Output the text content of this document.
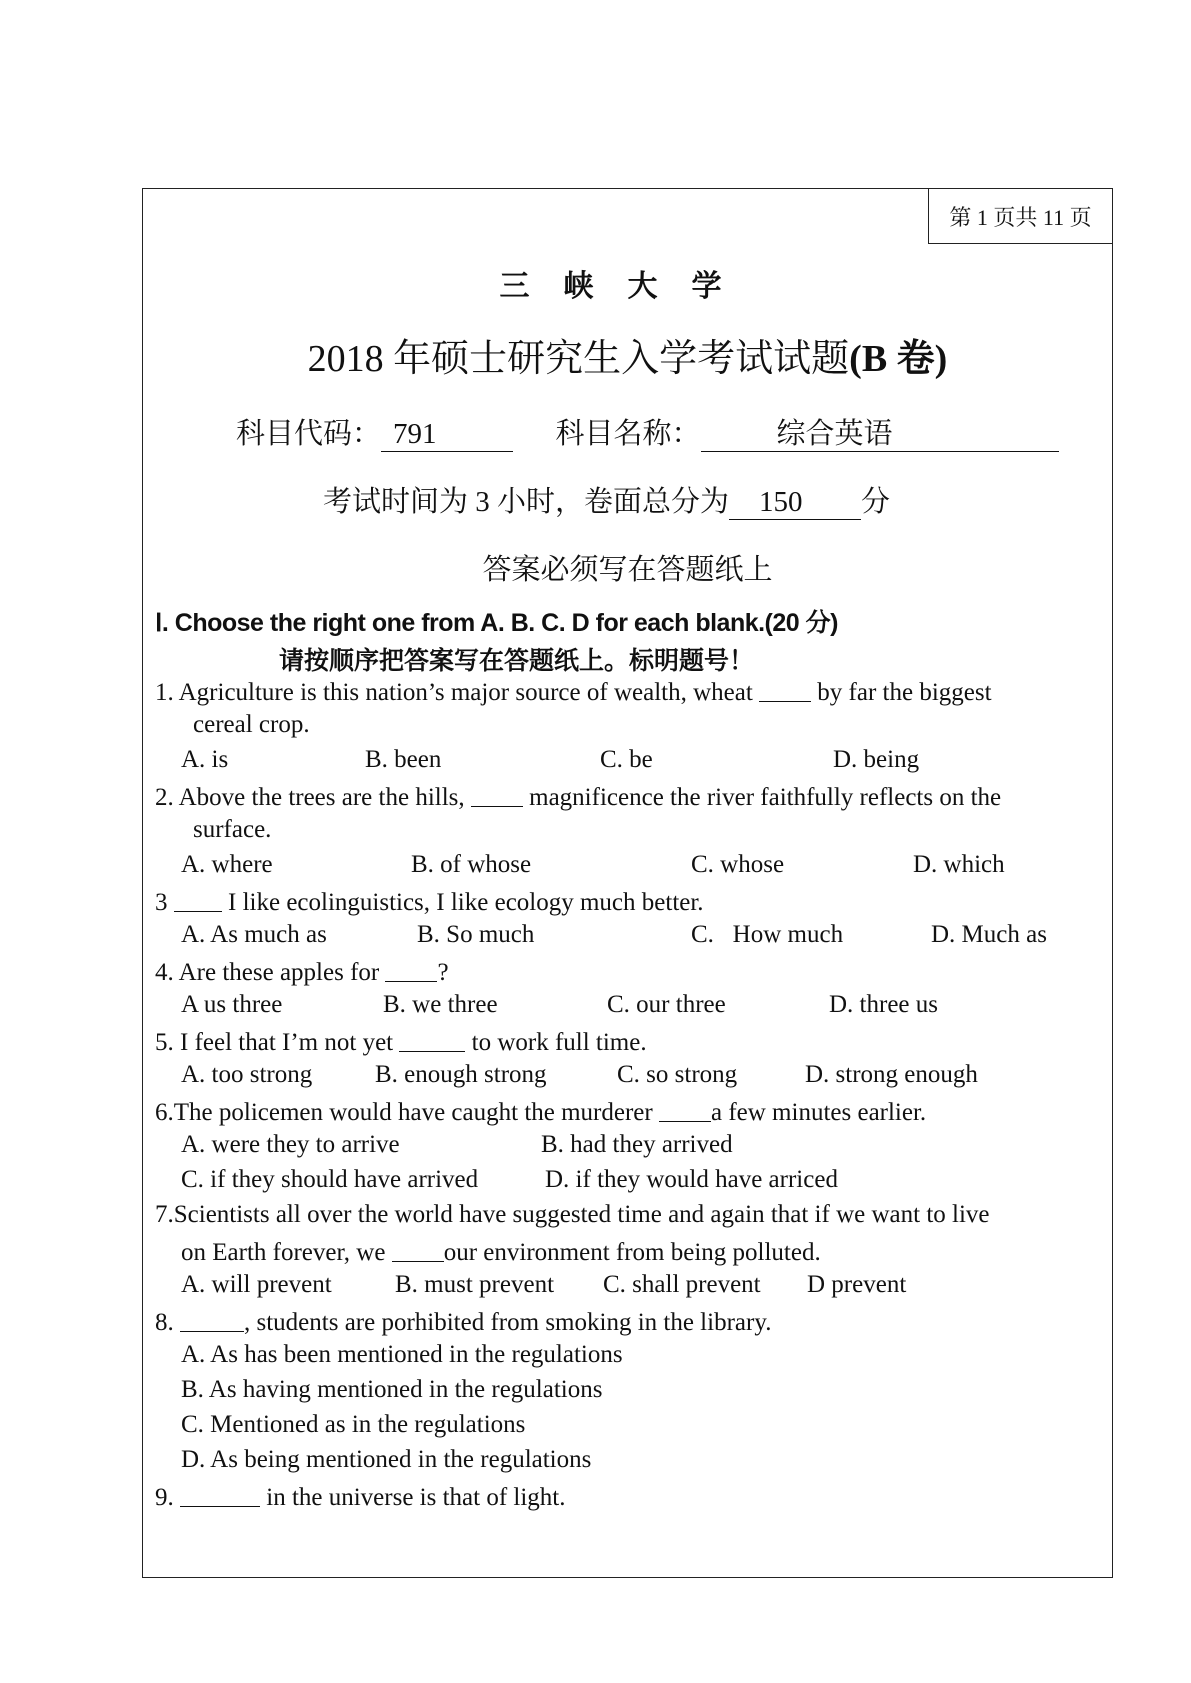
第 1 页共 11 页
三峡大学
2018 年硕士研究生入学考试试题(B 卷)
科目代码： 791	科目名称：	综合英语
考试时间为 3 小时，卷面总分为 150 分
答案必须写在答题纸上
Ⅰ. Choose the right one from A. B. C. D for each blank.(20 分)
请按顺序把答案写在答题纸上。标明题号！
1. Agriculture is this nation’s major source of wealth, wheat	by far the biggest
cereal crop.
A. is	B. been	C. be	D. being
2. Above the trees are the hills,	magnificence the river faithfully reflects on the
surface.
A. where	B. of whose	C. whose	D. which
3 I like ecolinguistics, I like ecology much better.
A. As much as	B. So much	C.   How much	D. Much as
4. Are these apples for ?
A us three	B. we three	C. our three	D. three us
5. I feel that I’m not yet	to work full time.
A. too strong	B. enough strong	C. so strong	D. strong enough
6.The policemen would have caught the murderer a few minutes earlier.
A. were they to arrive	B. had they arrived
C. if they should have arrived	D. if they would have arriced
7.Scientists all over the world have suggested time and again that if we want to live
on Earth forever, we our environment from being polluted.
A. will prevent	B. must prevent C. shall prevent D prevent
8.	, students are porhibited from smoking in the library.
A. As has been mentioned in the regulations
B. As having mentioned in the regulations
C. Mentioned as in the regulations
D. As being mentioned in the regulations
9.	in the universe is that of light.
